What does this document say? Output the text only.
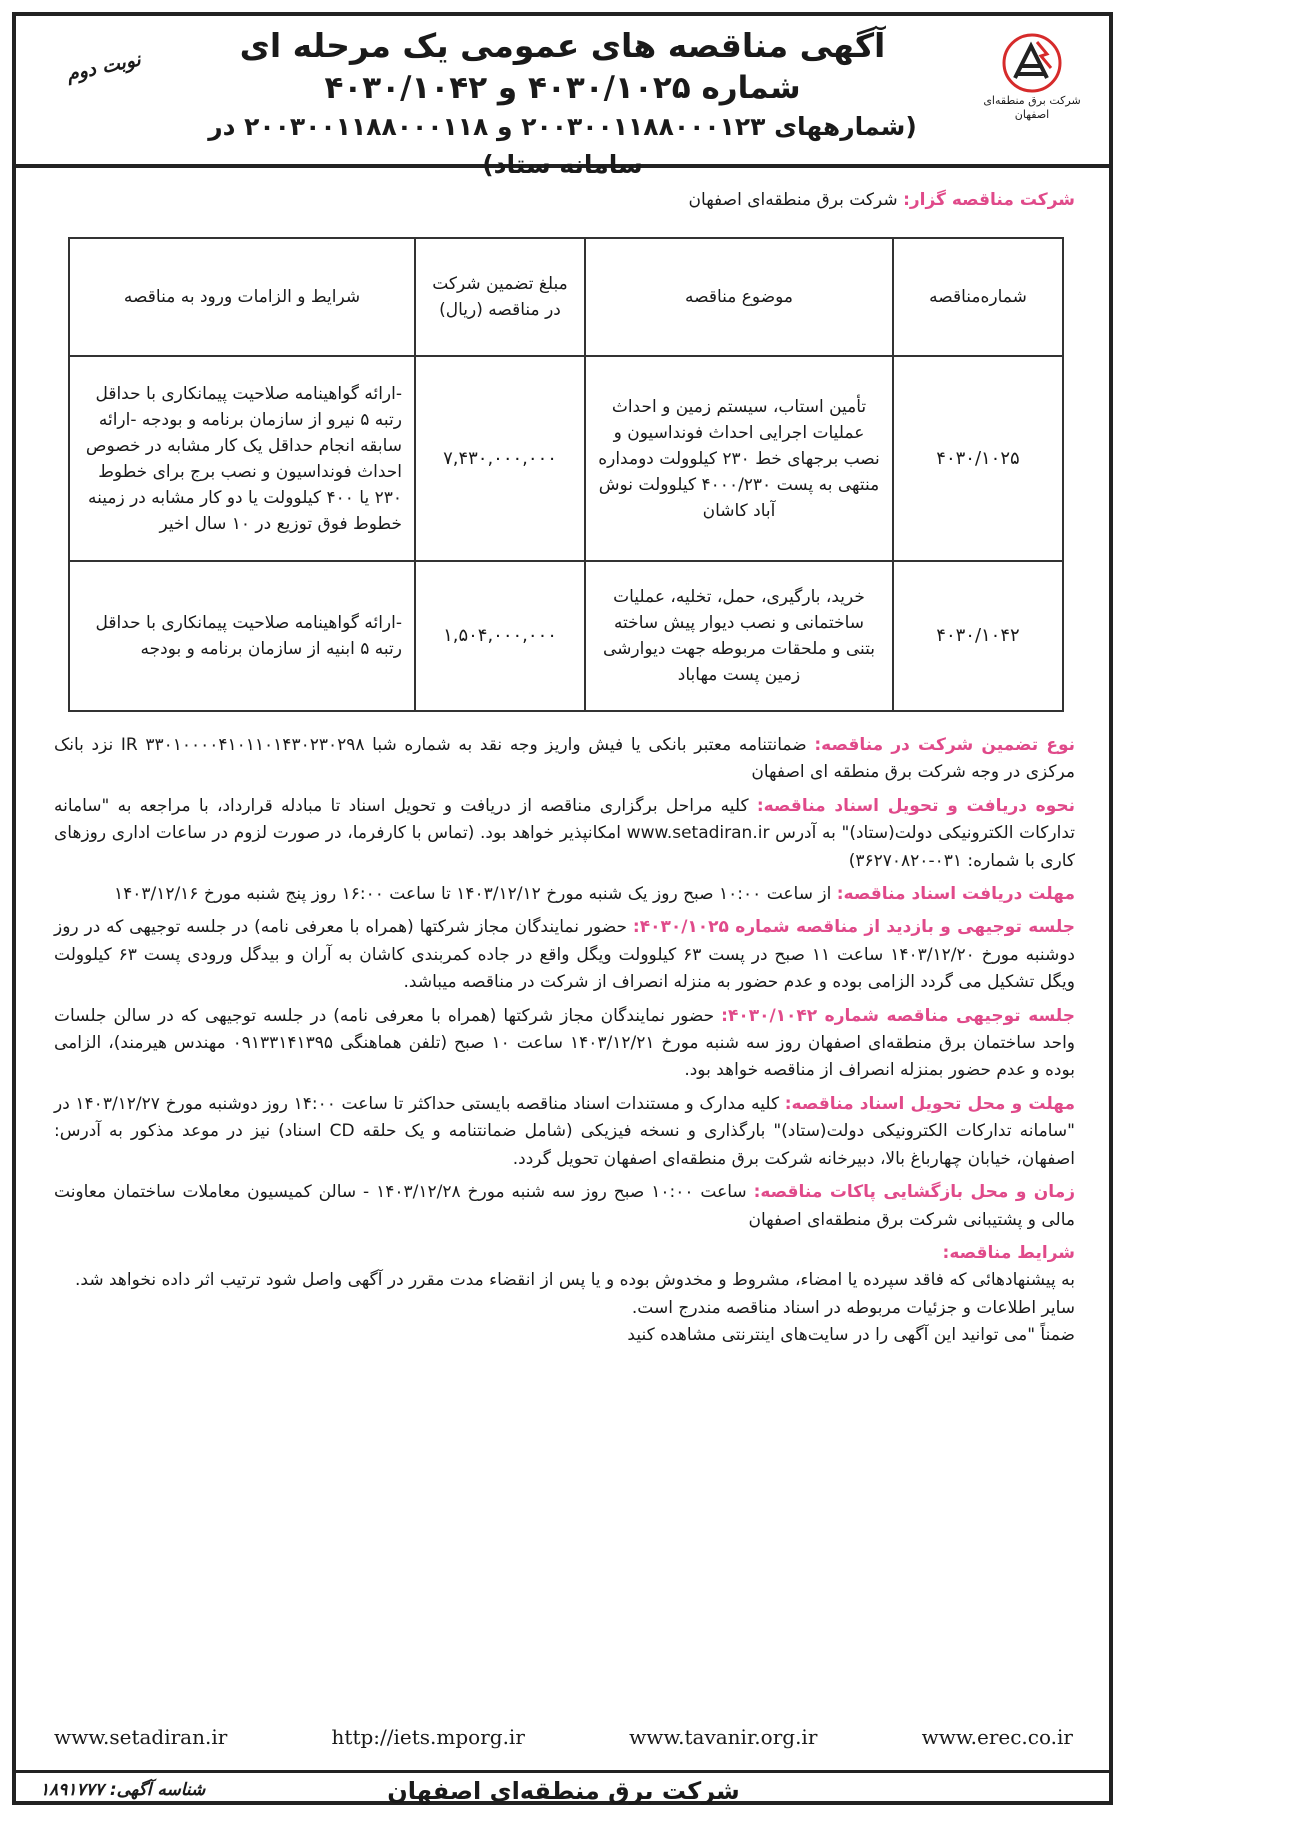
شرکت برق منطقه‌ای
اصفهان
نوبت دوم
آگهی مناقصه های عمومی یک مرحله ای
شماره ۴۰۳۰/۱۰۲۵ و ۴۰۳۰/۱۰۴۲
(شمارههای ۲۰۰۳۰۰۱۱۸۸۰۰۰۱۲۳ و ۲۰۰۳۰۰۱۱۸۸۰۰۰۱۱۸ در سامانه ستاد)
شرکت مناقصه گزار: شرکت برق منطقه‌ای اصفهان
شماره‌مناقصه	موضوع مناقصه	مبلغ تضمین شرکت در مناقصه (ریال)	شرایط و الزامات ورود به مناقصه
۴۰۳۰/۱۰۲۵	تأمین استاب، سیستم زمین و احداث عملیات اجرایی احداث فونداسیون و نصب برجهای خط ۲۳۰ کیلوولت دومداره منتهی به پست ۴۰۰۰/۲۳۰ کیلوولت نوش آباد کاشان	۷,۴۳۰,۰۰۰,۰۰۰	-ارائه گواهینامه صلاحیت پیمانکاری با حداقل رتبه ۵ نیرو از سازمان برنامه و بودجه -ارائه سابقه انجام حداقل یک کار مشابه در خصوص احداث فونداسیون و نصب برج برای خطوط ۲۳۰ یا ۴۰۰ کیلوولت یا دو کار مشابه در زمینه خطوط فوق توزیع در ۱۰ سال اخیر
۴۰۳۰/۱۰۴۲	خرید، بارگیری، حمل، تخلیه، عملیات ساختمانی و نصب دیوار پیش ساخته بتنی و ملحقات مربوطه جهت دیوارشی زمین پست مهاباد	۱,۵۰۴,۰۰۰,۰۰۰	-ارائه گواهینامه صلاحیت پیمانکاری با حداقل رتبه ۵ ابنیه از سازمان برنامه و بودجه

نوع تضمین شرکت در مناقصه: ضمانتنامه معتبر بانکی یا فیش واریز وجه نقد به شماره شبا IR ۳۳۰۱۰۰۰۰۴۱۰۱۱۰۱۴۳۰۲۳۰۲۹۸ نزد بانک مرکزی در وجه شرکت برق منطقه ای اصفهان

نحوه دریافت و تحویل اسناد مناقصه: کلیه مراحل برگزاری مناقصه از دریافت و تحویل اسناد تا مبادله قرارداد، با مراجعه به "سامانه تدارکات الکترونیکی دولت(ستاد)" به آدرس www.setadiran.ir امکانپذیر خواهد بود. (تماس با کارفرما، در صورت لزوم در ساعات اداری روزهای کاری با شماره: ۰۳۱-۳۶۲۷۰۸۲۰)

مهلت دریافت اسناد مناقصه: از ساعت ۱۰:۰۰ صبح روز یک شنبه مورخ ۱۴۰۳/۱۲/۱۲ تا ساعت ۱۶:۰۰ روز پنج شنبه مورخ ۱۴۰۳/۱۲/۱۶

جلسه توجیهی و بازدید از مناقصه شماره ۴۰۳۰/۱۰۲۵: حضور نمایندگان مجاز شرکتها (همراه با معرفی نامه) در جلسه توجیهی که در روز دوشنبه مورخ ۱۴۰۳/۱۲/۲۰ ساعت ۱۱ صبح در پست ۶۳ کیلوولت ویگل واقع در جاده کمربندی کاشان به آران و بیدگل ورودی پست ۶۳ کیلوولت ویگل تشکیل می گردد الزامی بوده و عدم حضور به منزله انصراف از شرکت در مناقصه میباشد.

جلسه توجیهی مناقصه شماره ۴۰۳۰/۱۰۴۲: حضور نمایندگان مجاز شرکتها (همراه با معرفی نامه) در جلسه توجیهی که در سالن جلسات واحد ساختمان برق منطقه‌ای اصفهان روز سه شنبه مورخ ۱۴۰۳/۱۲/۲۱ ساعت ۱۰ صبح (تلفن هماهنگی ۰۹۱۳۳۱۴۱۳۹۵ مهندس هیرمند)، الزامی بوده و عدم حضور بمنزله انصراف از مناقصه خواهد بود.

مهلت و محل تحویل اسناد مناقصه: کلیه مدارک و مستندات اسناد مناقصه بایستی حداکثر تا ساعت ۱۴:۰۰ روز دوشنبه مورخ ۱۴۰۳/۱۲/۲۷ در "سامانه تدارکات الکترونیکی دولت(ستاد)" بارگذاری و نسخه فیزیکی (شامل ضمانتنامه و یک حلقه CD اسناد) نیز در موعد مذکور به آدرس: اصفهان، خیابان چهارباغ بالا، دبیرخانه شرکت برق منطقه‌ای اصفهان تحویل گردد.

زمان و محل بازگشایی پاکات مناقصه: ساعت ۱۰:۰۰ صبح روز سه شنبه مورخ ۱۴۰۳/۱۲/۲۸ - سالن کمیسیون معاملات ساختمان معاونت مالی و پشتیبانی شرکت برق منطقه‌ای اصفهان

شرایط مناقصه:

به پیشنهادهائی که فاقد سپرده یا امضاء، مشروط و مخدوش بوده و یا پس از انقضاء مدت مقرر در آگهی واصل شود ترتیب اثر داده نخواهد شد.

سایر اطلاعات و جزئیات مربوطه در اسناد مناقصه مندرج است.

ضمناً "می توانید این آگهی را در سایت‌های اینترنتی مشاهده کنید

www.setadiran.ir	http://iets.mporg.ir	www.tavanir.org.ir	www.erec.co.ir
شرکت برق منطقه‌ای اصفهان
شناسه آگهی: ۱۸۹۱۷۷۷
